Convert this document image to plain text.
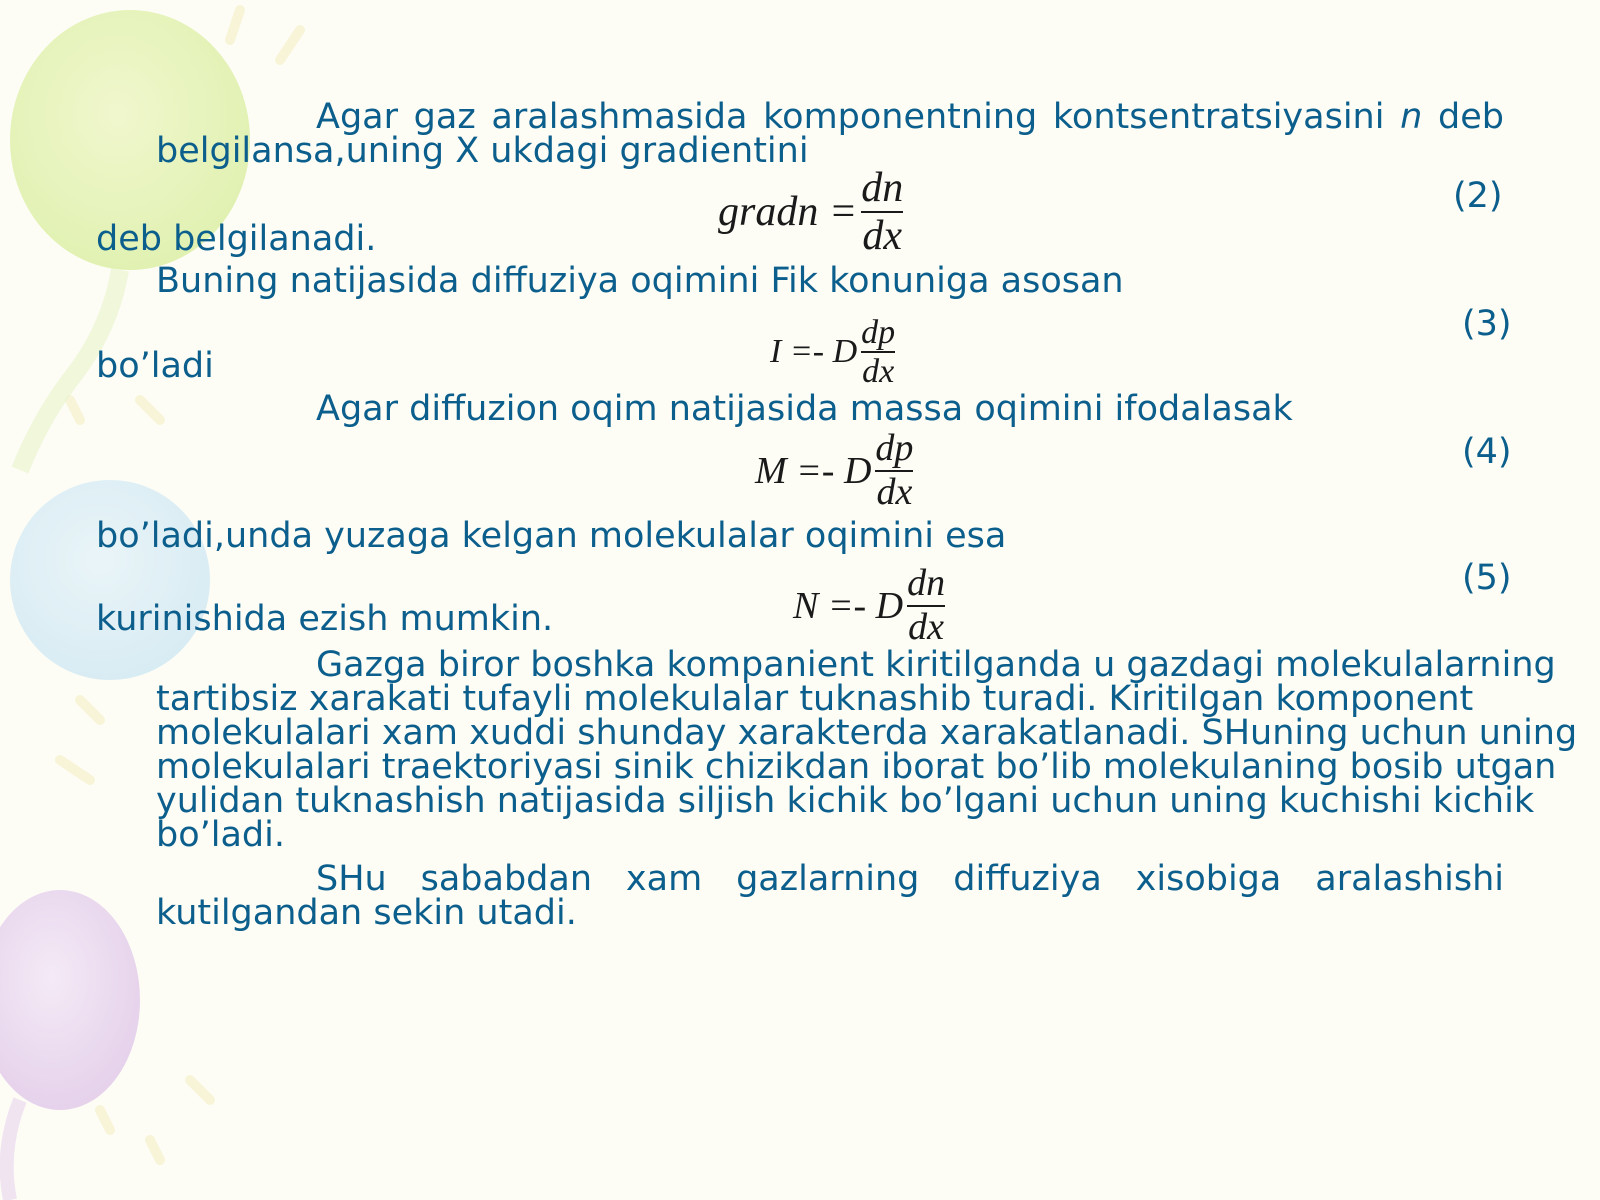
Agar gaz aralashmasida komponentning kontsentratsiyasini n deb
belgilansa,uning X ukdagi gradientini
gradn = $\frac{dn}{dx}$	(2)
deb belgilanadi.
Buning natijasida diffuziya oqimini Fik konuniga asosan
I =- D $\frac{dp}{dx}$	(3)
bo’ladi
Agar diffuzion oqim natijasida massa oqimini ifodalasak
M =- D $\frac{dp}{dx}$	(4)
bo’ladi,unda yuzaga kelgan molekulalar oqimini esa
N =- D $\frac{dn}{dx}$	(5)
kurinishida ezish mumkin.
Gazga biror boshka kompanient kiritilganda u gazdagi molekulalarning
tartibsiz xarakati tufayli molekulalar tuknashib turadi. Kiritilgan komponent
molekulalari xam xuddi shunday xarakterda xarakatlanadi. SHuning uchun uning
molekulalari traektoriyasi sinik chizikdan iborat bo’lib molekulaning bosib utgan
yulidan tuknashish natijasida siljish kichik bo’lgani uchun uning kuchishi kichik
bo’ladi.
SHu sababdan xam gazlarning diffuziya xisobiga aralashishi
kutilgandan sekin utadi.
